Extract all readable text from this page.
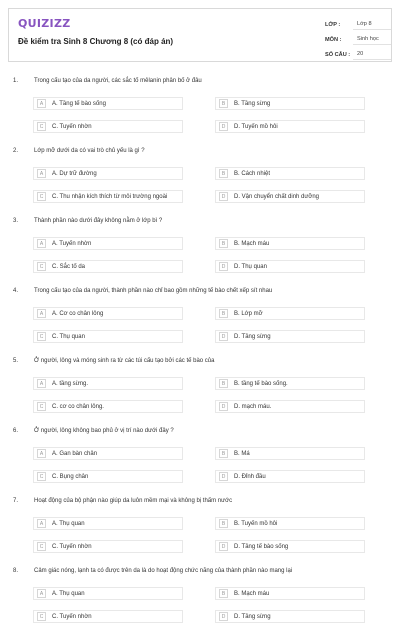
QUIZIZZ
Đề kiểm tra Sinh 8 Chương 8 (có đáp án)
LỚP :	Lớp 8
MÔN :	Sinh học
SỐ CÂU :	20
1.	Trong cấu tạo của da người, các sắc tố mêlanin phân bố ở đâu
A	A. Tầng tế bào sống	B	B. Tầng sừng
C	C. Tuyến nhờn	D	D. Tuyến mồ hôi
2.	Lớp mỡ dưới da có vai trò chủ yếu là gì ?
A	A. Dự trữ đường	B	B. Cách nhiệt
C	C. Thu nhận kích thích từ môi trường ngoài	D	D. Vận chuyển chất dinh dưỡng
3.	Thành phần nào dưới đây không nằm ở lớp bì ?
A	A. Tuyến nhờn	B	B. Mạch máu
C	C. Sắc tố da	D	D. Thụ quan
4.	Trong cấu tạo của da người, thành phần nào chỉ bao gồm những tế bào chết xếp sít nhau
A	A. Cơ co chân lông	B	B. Lớp mỡ
C	C. Thụ quan	D	D. Tầng sừng
5.	Ở người, lông và móng sinh ra từ các túi cấu tạo bởi các tế bào của
A	A. tầng sừng.	B	B. tầng tế bào sống.
C	C. cơ co chân lông.	D	D. mạch máu.
6.	Ở người, lông không bao phủ ở vị trí nào dưới đây ?
A	A. Gan bàn chân	B	B. Má
C	C. Bụng chân	D	D. Đỉnh đầu
7.	Hoạt động của bộ phận nào giúp da luôn mềm mại và không bị thấm nước
A	A. Thụ quan	B	B. Tuyến mồ hôi
C	C. Tuyến nhờn	D	D. Tầng tế bào sống
8.	Cảm giác nóng, lạnh ta có được trên da là do hoạt động chức năng của thành phần nào mang lại
A	A. Thụ quan	B	B. Mạch máu
C	C. Tuyến nhờn	D	D. Tầng sừng
